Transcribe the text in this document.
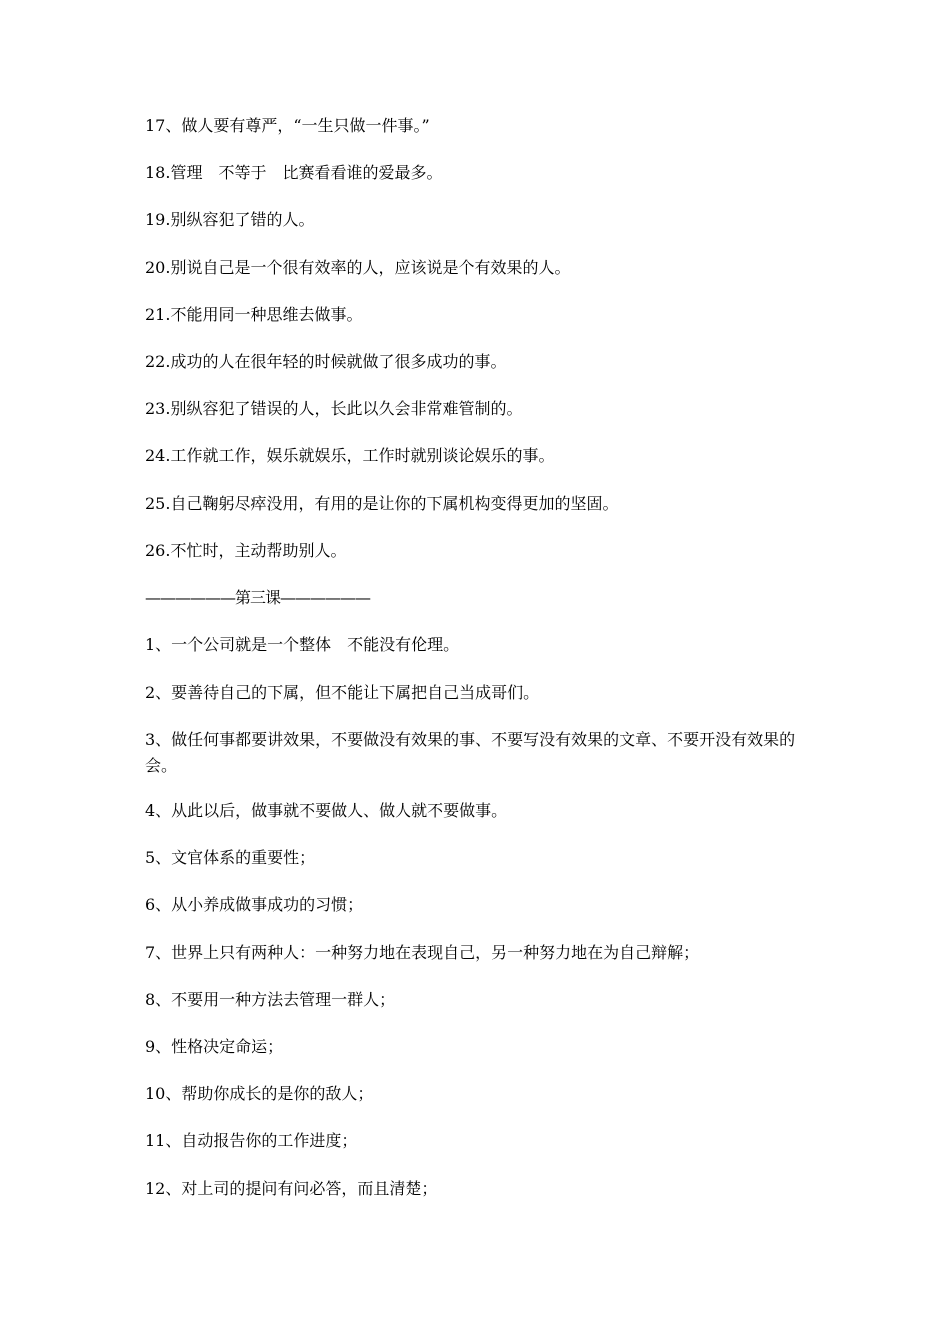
17、做人要有尊严，“一生只做一件事。”
18.管理　不等于　比赛看看谁的爱最多。
19.别纵容犯了错的人。
20.别说自己是一个很有效率的人，应该说是个有效果的人。
21.不能用同一种思维去做事。
22.成功的人在很年轻的时候就做了很多成功的事。
23.别纵容犯了错误的人，长此以久会非常难管制的。
24.工作就工作，娱乐就娱乐，工作时就别谈论娱乐的事。
25.自己鞠躬尽瘁没用，有用的是让你的下属机构变得更加的坚固。
26.不忙时，主动帮助别人。
——————第三课——————
1、一个公司就是一个整体　不能没有伦理。
2、要善待自己的下属，但不能让下属把自己当成哥们。
3、做任何事都要讲效果，不要做没有效果的事、不要写没有效果的文章、不要开没有效果的会。
4、从此以后，做事就不要做人、做人就不要做事。
5、文官体系的重要性；
6、从小养成做事成功的习惯；
7、世界上只有两种人：一种努力地在表现自己，另一种努力地在为自己辩解；
8、不要用一种方法去管理一群人；
9、性格决定命运；
10、帮助你成长的是你的敌人；
11、自动报告你的工作进度；
12、对上司的提问有问必答，而且清楚；
